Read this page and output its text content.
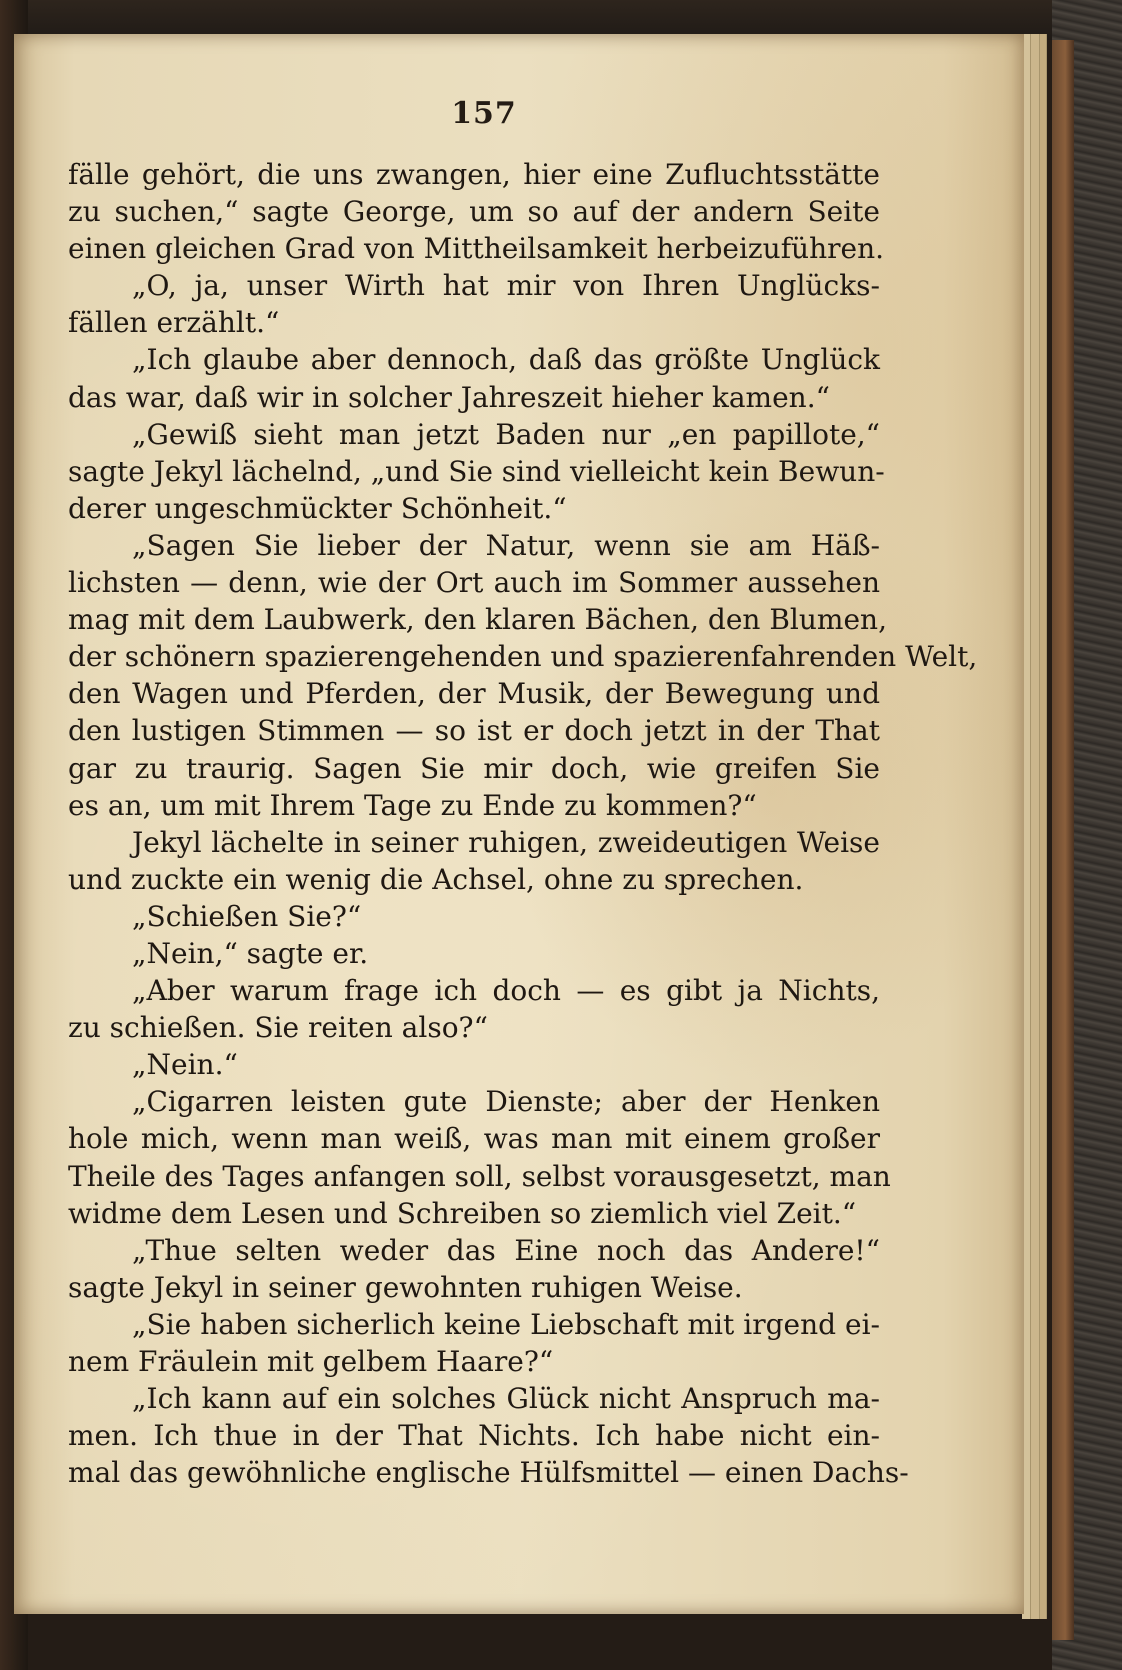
157
fälle gehört, die uns zwangen, hier eine Zufluchtsstätte
zu suchen,“ sagte George, um so auf der andern Seite
einen gleichen Grad von Mittheilsamkeit herbeizuführen.
„O, ja, unser Wirth hat mir von Ihren Unglücks-
fällen erzählt.“
„Ich glaube aber dennoch, daß das größte Unglück
das war, daß wir in solcher Jahreszeit hieher kamen.“
„Gewiß sieht man jetzt Baden nur „en papillote,“
sagte Jekyl lächelnd, „und Sie sind vielleicht kein Bewun-
derer ungeschmückter Schönheit.“
„Sagen Sie lieber der Natur, wenn sie am Häß-
lichsten — denn, wie der Ort auch im Sommer aussehen
mag mit dem Laubwerk, den klaren Bächen, den Blumen,
der schönern spazierengehenden und spazierenfahrenden Welt,
den Wagen und Pferden, der Musik, der Bewegung und
den lustigen Stimmen — so ist er doch jetzt in der That
gar zu traurig. Sagen Sie mir doch, wie greifen Sie
es an, um mit Ihrem Tage zu Ende zu kommen?“
Jekyl lächelte in seiner ruhigen, zweideutigen Weise
und zuckte ein wenig die Achsel, ohne zu sprechen.
„Schießen Sie?“
„Nein,“ sagte er.
„Aber warum frage ich doch — es gibt ja Nichts,
zu schießen. Sie reiten also?“
„Nein.“
„Cigarren leisten gute Dienste; aber der Henken
hole mich, wenn man weiß, was man mit einem großer
Theile des Tages anfangen soll, selbst vorausgesetzt, man
widme dem Lesen und Schreiben so ziemlich viel Zeit.“
„Thue selten weder das Eine noch das Andere!“
sagte Jekyl in seiner gewohnten ruhigen Weise.
„Sie haben sicherlich keine Liebschaft mit irgend ei-
nem Fräulein mit gelbem Haare?“
„Ich kann auf ein solches Glück nicht Anspruch ma-
men. Ich thue in der That Nichts. Ich habe nicht ein-
mal das gewöhnliche englische Hülfsmittel — einen Dachs-
